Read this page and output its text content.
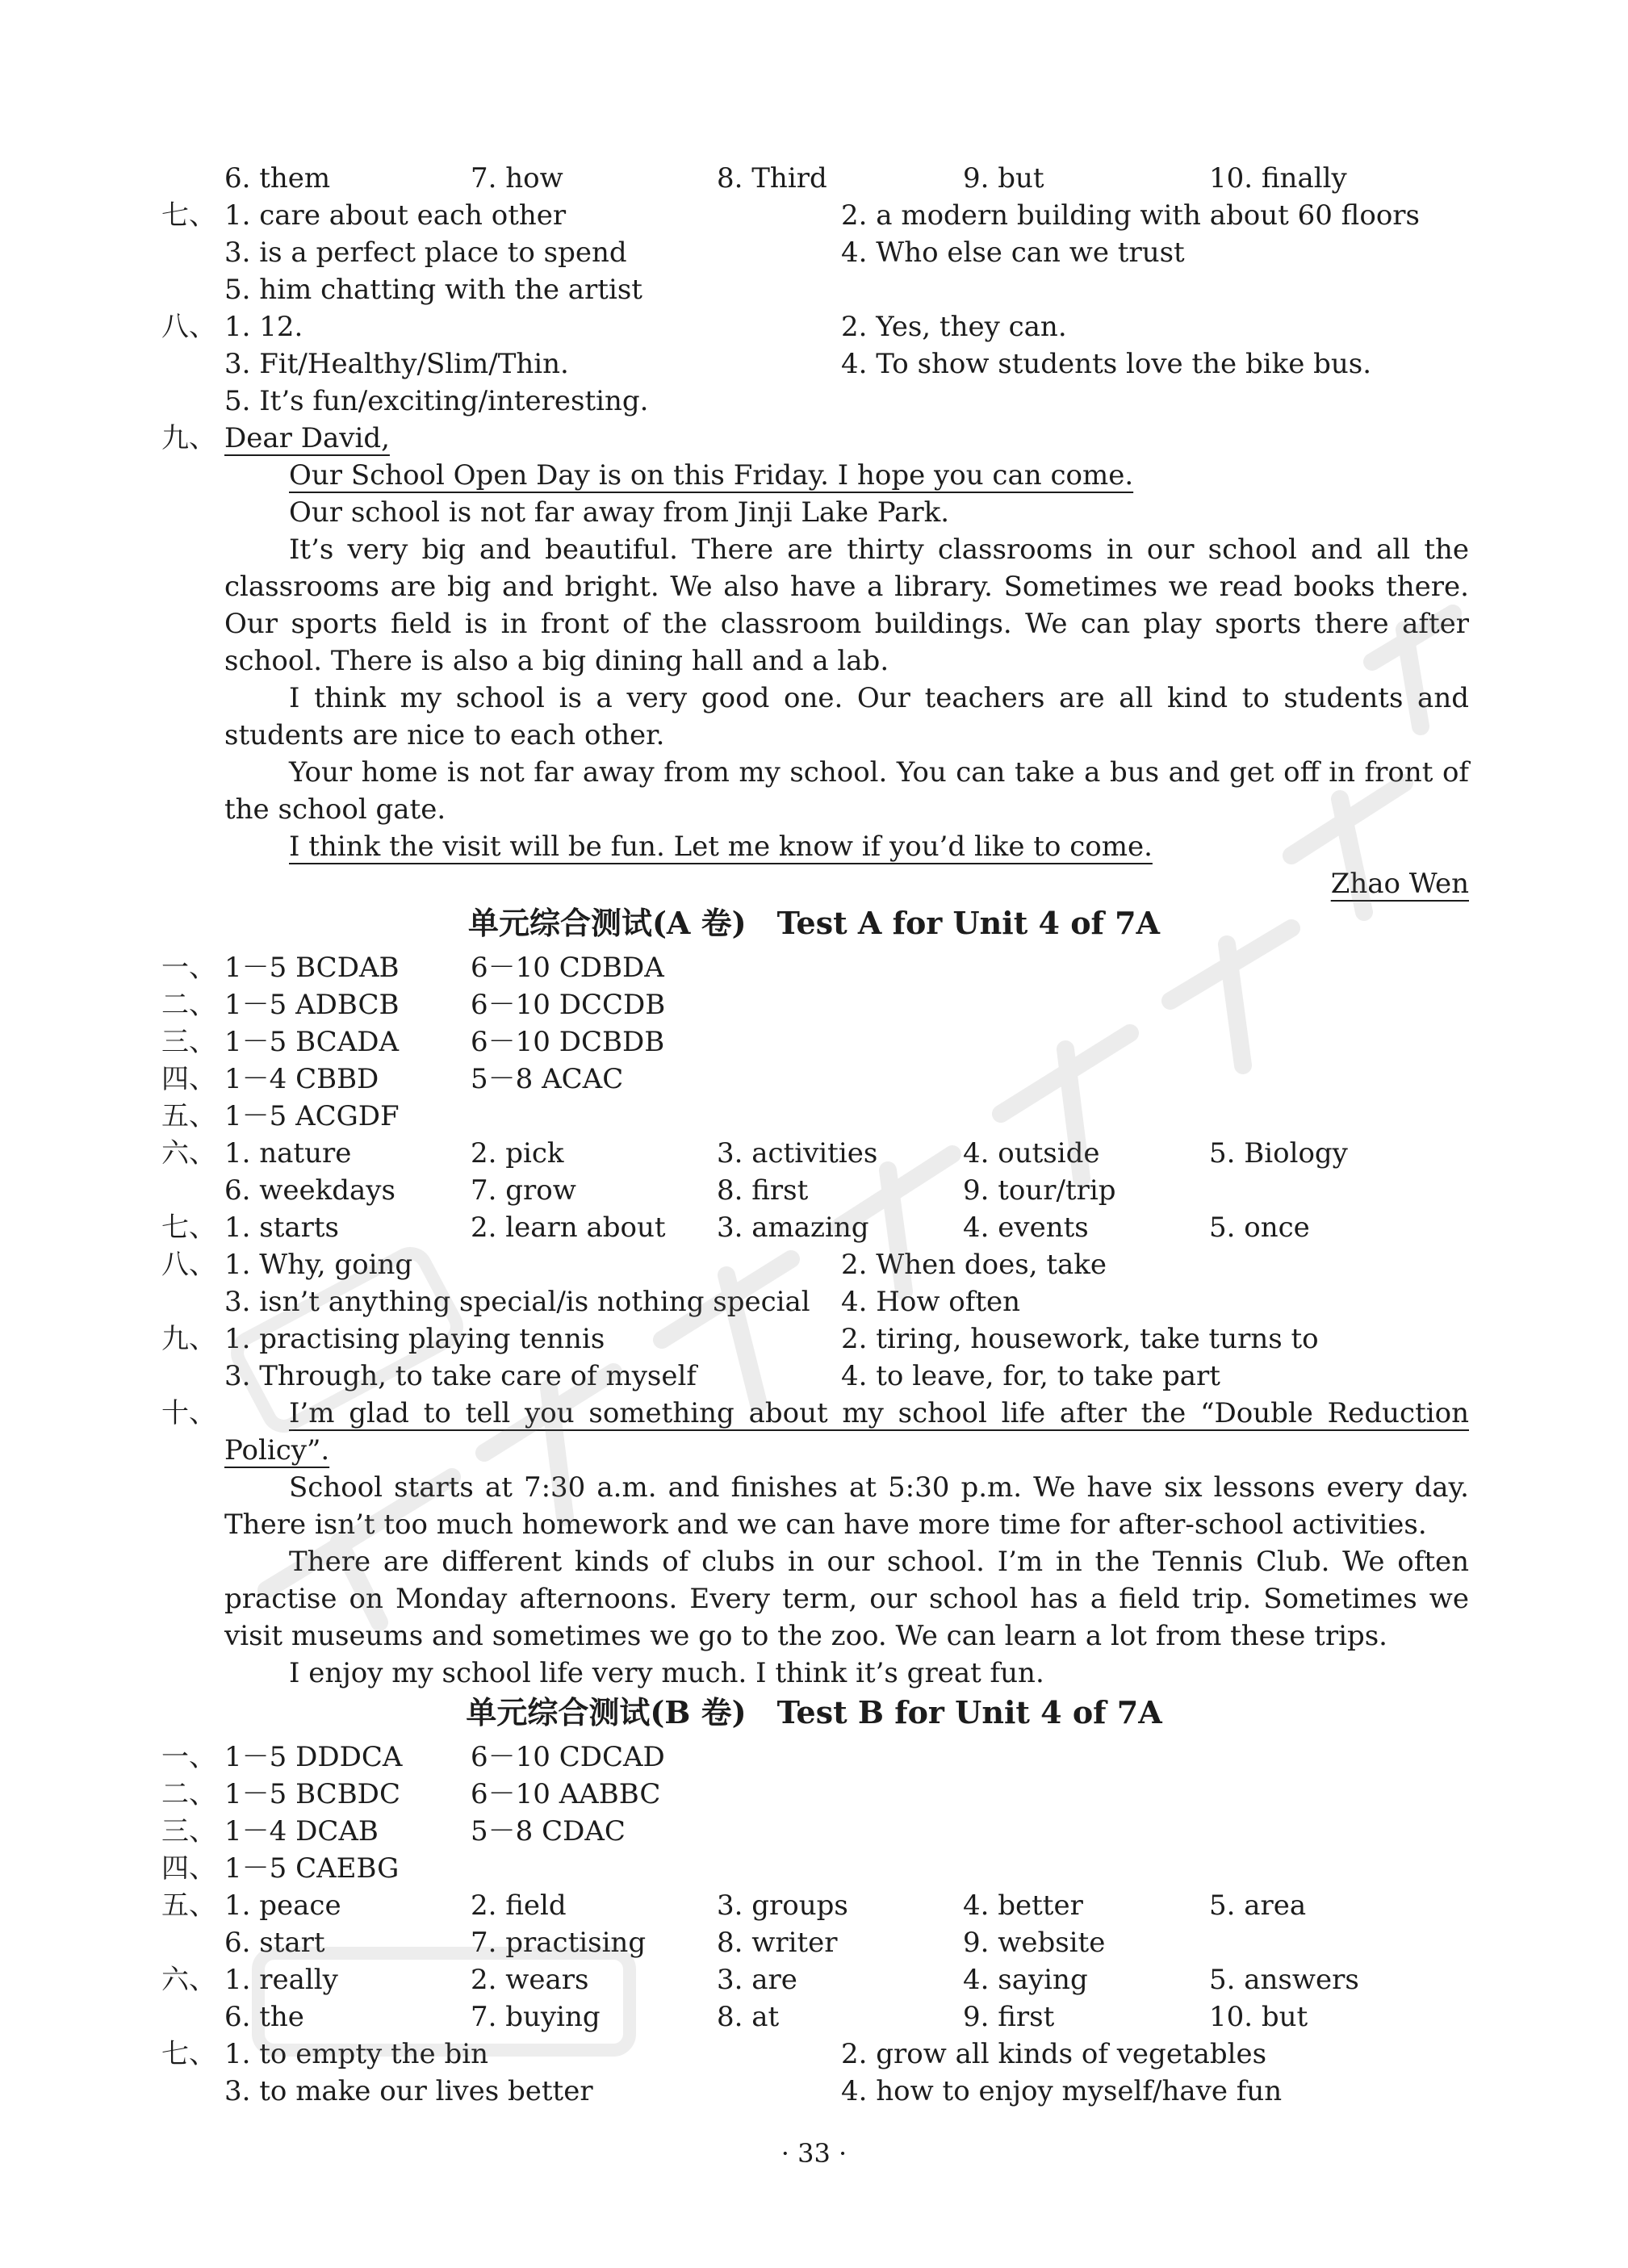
6. them	7. how	8. Third	9. but	10. finally
七、 1. care about each other	2. a modern building with about 60 floors
3. is a perfect place to spend	4. Who else can we trust
5. him chatting with the artist
八、 1. 12.	2. Yes, they can.
3. Fit/Healthy/Slim/Thin.	4. To show students love the bike bus.
5. It’s fun/exciting/interesting.
九、 Dear David,
Our School Open Day is on this Friday. I hope you can come.
Our school is not far away from Jinji Lake Park.
It’s very big and beautiful. There are thirty classrooms in our school and all the classrooms are big and bright. We also have a library. Sometimes we read books there. Our sports field is in front of the classroom buildings. We can play sports there after school. There is also a big dining hall and a lab.
I think my school is a very good one. Our teachers are all kind to students and students are nice to each other.
Your home is not far away from my school. You can take a bus and get off in front of the school gate.
I think the visit will be fun. Let me know if you’d like to come.
Zhao Wen
单元综合测试(A 卷)　Test A for Unit 4 of 7A
一、 1－5 BCDAB	6－10 CDBDA
二、 1－5 ADBCB	6－10 DCCDB
三、 1－5 BCADA	6－10 DCBDB
四、 1－4 CBBD	5－8 ACAC
五、 1－5 ACGDF
六、 1. nature	2. pick	3. activities	4. outside	5. Biology
6. weekdays	7. grow	8. first	9. tour/trip
七、 1. starts	2. learn about 3. amazing	4. events	5. once
八、 1. Why, going	2. When does, take
3. isn’t anything special/is nothing special 4. How often
九、 1. practising playing tennis	2. tiring, housework, take turns to
3. Through, to take care of myself	4. to leave, for, to take part
十、	I’m glad to tell you something about my school life after the “Double Reduction Policy”.
School starts at 7:30 a.m. and finishes at 5:30 p.m. We have six lessons every day. There isn’t too much homework and we can have more time for after-school activities.
There are different kinds of clubs in our school. I’m in the Tennis Club. We often practise on Monday afternoons. Every term, our school has a field trip. Sometimes we visit museums and sometimes we go to the zoo. We can learn a lot from these trips.
I enjoy my school life very much. I think it’s great fun.
单元综合测试(B 卷)　Test B for Unit 4 of 7A
一、 1－5 DDDCA 6－10 CDCAD
二、 1－5 BCBDC	6－10 AABBC
三、 1－4 DCAB	5－8 CDAC
四、 1－5 CAEBG
五、 1. peace	2. field	3. groups	4. better	5. area
6. start	7. practising	8. writer	9. website
六、 1. really	2. wears	3. are	4. saying	5. answers
6. the	7. buying	8. at	9. first	10. but
七、 1. to empty the bin	2. grow all kinds of vegetables
3. to make our lives better	4. how to enjoy myself/have fun
· 33 ·
